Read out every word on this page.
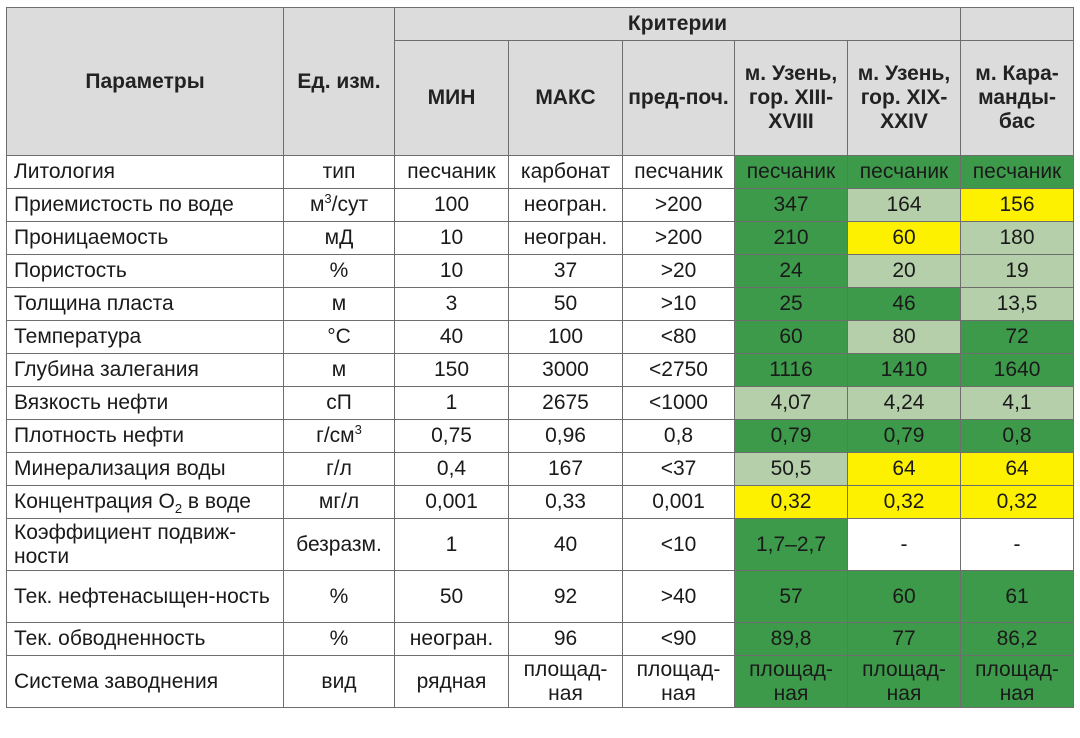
Параметры	Ед. изм.	Критерии					
		МИН	МАКС	пред-поч.	м. Узень, гор. XIII-XVIII	м. Узень, гор. XIX-XXIV	м. Кара-манды-бас
Литология	тип	песчаник	карбонат	песчаник	песчаник	песчаник	песчаник
Приемистость по воде	$м^3$/сут	100	неогран.	>200	347	164	156
Проницаемость	мД	10	неогран.	>200	210	60	180
Пористость	%	10	37	>20	24	20	19
Толщина пласта	м	3	50	>10	25	46	13,5
Температура	°C	40	100	<80	60	80	72
Глубина залегания	м	150	3000	<2750	1116	1410	1640
Вязкость нефти	сП	1	2675	<1000	4,07	4,24	4,1
Плотность нефти	$г/см^3$	0,75	0,96	0,8	0,79	0,79	0,8
Минерализация воды	г/л	0,4	167	<37	50,5	64	64
Концентрация $O_2$ в воде	мг/л	0,001	0,33	0,001	0,32	0,32	0,32
Коэффициент подвиж-ности	безразм.	1	40	<10	1,7–2,7	-	-
Тек. нефтенасыщен-ность	%	50	92	>40	57	60	61
Тек. обводненность	%	неогран.	96	<90	89,8	77	86,2
Система заводнения	вид	рядная	площад-ная	площад-ная	площад-ная	площад-ная	площад-ная
